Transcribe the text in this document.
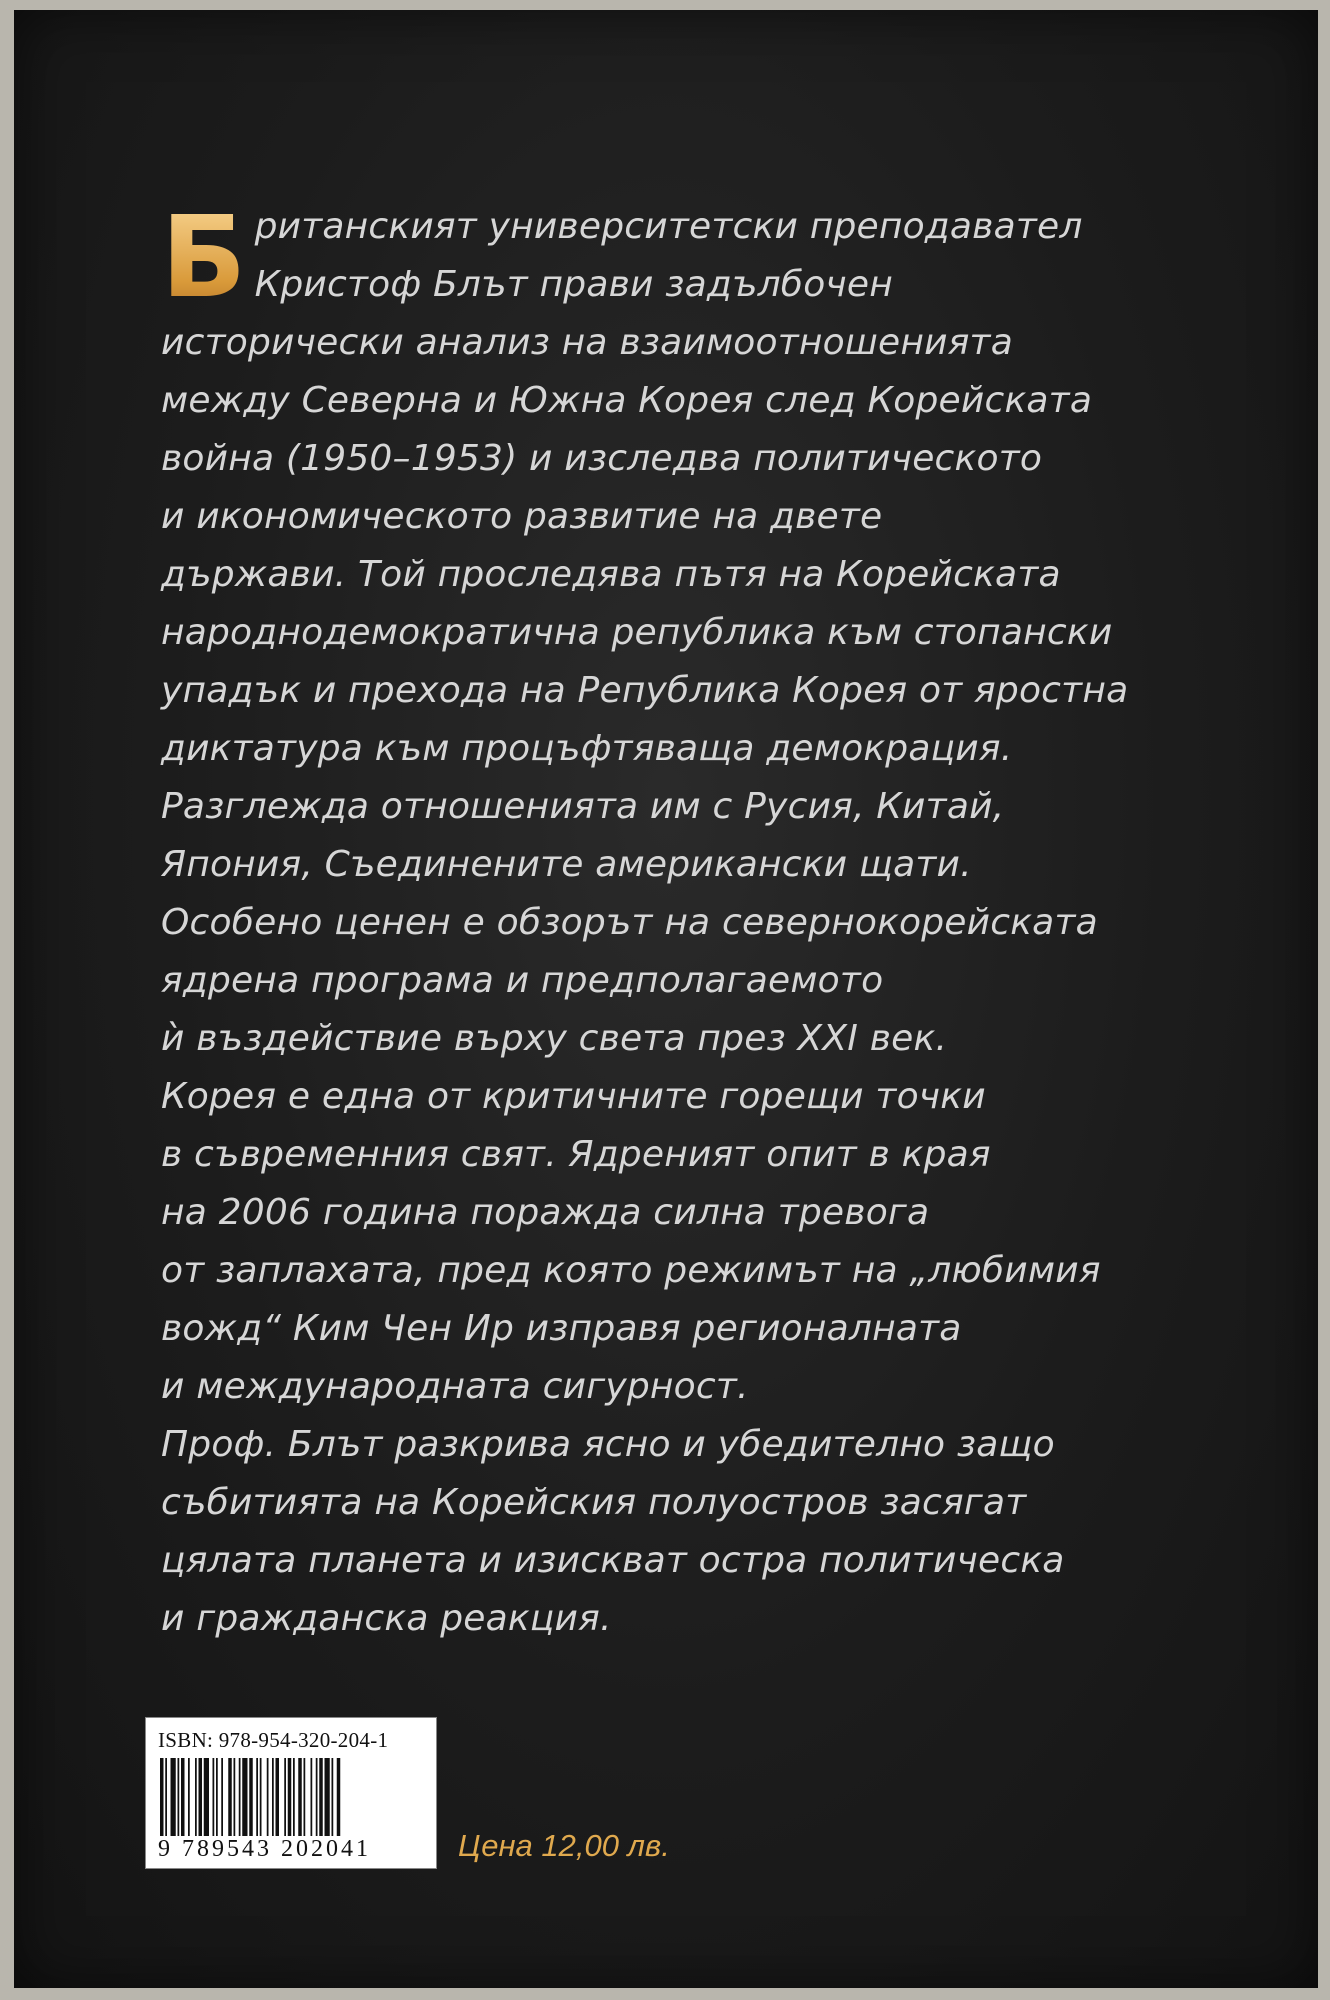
Б ританският университетски преподавател
Кристоф Блът прави задълбочен
исторически анализ на взаимоотношенията
между Северна и Южна Корея след Корейската
война (1950–1953) и изследва политическото
и икономическото развитие на двете
държави. Той проследява пътя на Корейската
народнодемократична република към стопански
упадък и прехода на Република Корея от яростна
диктатура към процъфтяваща демокрация.
Разглежда отношенията им с Русия, Китай,
Япония, Съединените американски щати.
Особено ценен е обзорът на севернокорейската
ядрена програма и предполагаемото
ѝ въздействие върху света през XXI век.
Корея е една от критичните горещи точки
в съвременния свят. Ядреният опит в края
на 2006 година поражда силна тревога
от заплахата, пред която режимът на „любимия
вожд“ Ким Чен Ир изправя регионалната
и международната сигурност.
Проф. Блът разкрива ясно и убедително защо
събитията на Корейския полуостров засягат
цялата планета и изискват остра политическа
и гражданска реакция.
ISBN: 978-954-320-204-1
9 789543 202041	Цена 12,00 лв.
